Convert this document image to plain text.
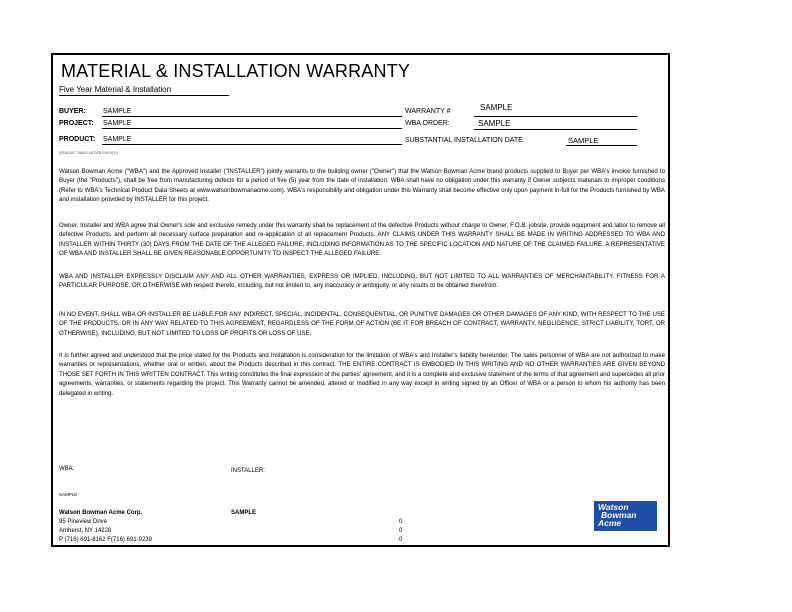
MATERIAL & INSTALLATION WARRANTY
Five Year Material & Installation
BUYER: SAMPLE
PROJECT: SAMPLE
PRODUCT: SAMPLE
(SEALANT TABLE AS PER INVOICE)
WARRANTY #	SAMPLE
WBA ORDER:	SAMPLE
SUBSTANTIAL INSTALLATION DATE:	SAMPLE
Watson Bowman Acme ("WBA") and the Approved Installer ("INSTALLER") jointly warrants to the building owner ("Owner") that the Watson Bowman Acme brand products supplied to Buyer per WBA's invoice furnished to Buyer (the "Products"), shall be free from manufacturing defects for a period of five (5) year from the date of installation. WBA shall have no obligation under this warranty if Owner subjects materials to improper conditions (Refer to WBA's Technical Product Data Sheets at www.watsonbowmanacme.com). WBA's responsibility and obligation under this Warranty shall become effective only upon payment in-full for the Products furnished by WBA and installation provided by INSTALLER for this project.
Owner, Installer and WBA agree that Owner's sole and exclusive remedy under this warranty shall be replacement of the defective Products without charge to Owner, F.O.B. jobsite, provide equipment and labor to remove all defective Products, and perform all necessary surface preparation and re-application of all replacement Products. ANY CLAIMS UNDER THIS WARRANTY SHALL BE MADE IN WRITING ADDRESSED TO WBA AND INSTALLER WITHIN THIRTY (30) DAYS FROM THE DATE OF THE ALLEGED FAILURE, INCLUDING INFORMATION AS TO THE SPECIFIC LOCATION AND NATURE OF THE CLAIMED FAILURE. A REPRESENTATIVE OF WBA AND INSTALLER SHALL BE GIVEN REASONABLE OPPORTUNITY TO INSPECT THE ALLEGED FAILURE.
WBA AND INSTALLER EXPRESSLY DISCLAIM ANY AND ALL OTHER WARRANTIES, EXPRESS OR IMPLIED, INCLUDING, BUT NOT LIMITED TO ALL WARRANTIES OF MERCHANTABILITY, FITNESS FOR A PARTICULAR PURPOSE, OR OTHERWISE with respect thereto, including, but not limited to, any inaccuracy or ambiguity, or any results to be obtained therefrom.
IN NO EVENT, SHALL WBA OR INSTALLER BE LIABLE FOR ANY INDIRECT, SPECIAL, INCIDENTAL, CONSEQUENTIAL, OR PUNITIVE DAMAGES OR OTHER DAMAGES OF ANY KIND, WITH RESPECT TO THE USE OF THE PRODUCTS, OR IN ANY WAY RELATED TO THIS AGREEMENT, REGARDLESS OF THE FORM OF ACTION (BE IT FOR BREACH OF CONTRACT, WARRANTY, NEGLIGENCE, STRICT LIABILITY, TORT, OR OTHERWISE), INCLUDING, BUT NOT LIMITED TO LOSS OF PROFITS OR LOSS OF USE.
It is further agreed and understood that the price stated for the Products and Installation is consideration for the limitation of WBA's and Installer's liability hereunder. The sales personnel of WBA are not authorized to make warranties or representations, whether oral or written, about the Products described in this contract. THE ENTIRE CONTRACT IS EMBODIED IN THIS WRITING AND NO OTHER WARRANTIES ARE GIVEN BEYOND THOSE SET FORTH IN THIS WRITTEN CONTRACT. This writing constitutes the final expression of the parties' agreement, and it is a complete and exclusive statement of the terms of that agreement and supercedes all prior agreements, warranties, or statements regarding the project. This Warranty cannot be amended, altered or modified in any way except in writing signed by an Officer of WBA or a person to whom his authority has been delegated in writing.
WBA:	INSTALLER:
SAMPLE
Watson Bowman Acme Corp.	SAMPLE
95 Pineview Drive	0
Amherst, NY 14228	0
P (716) 691-8162 F(716) 691-9239	0
Watson
Bowman
Acme
